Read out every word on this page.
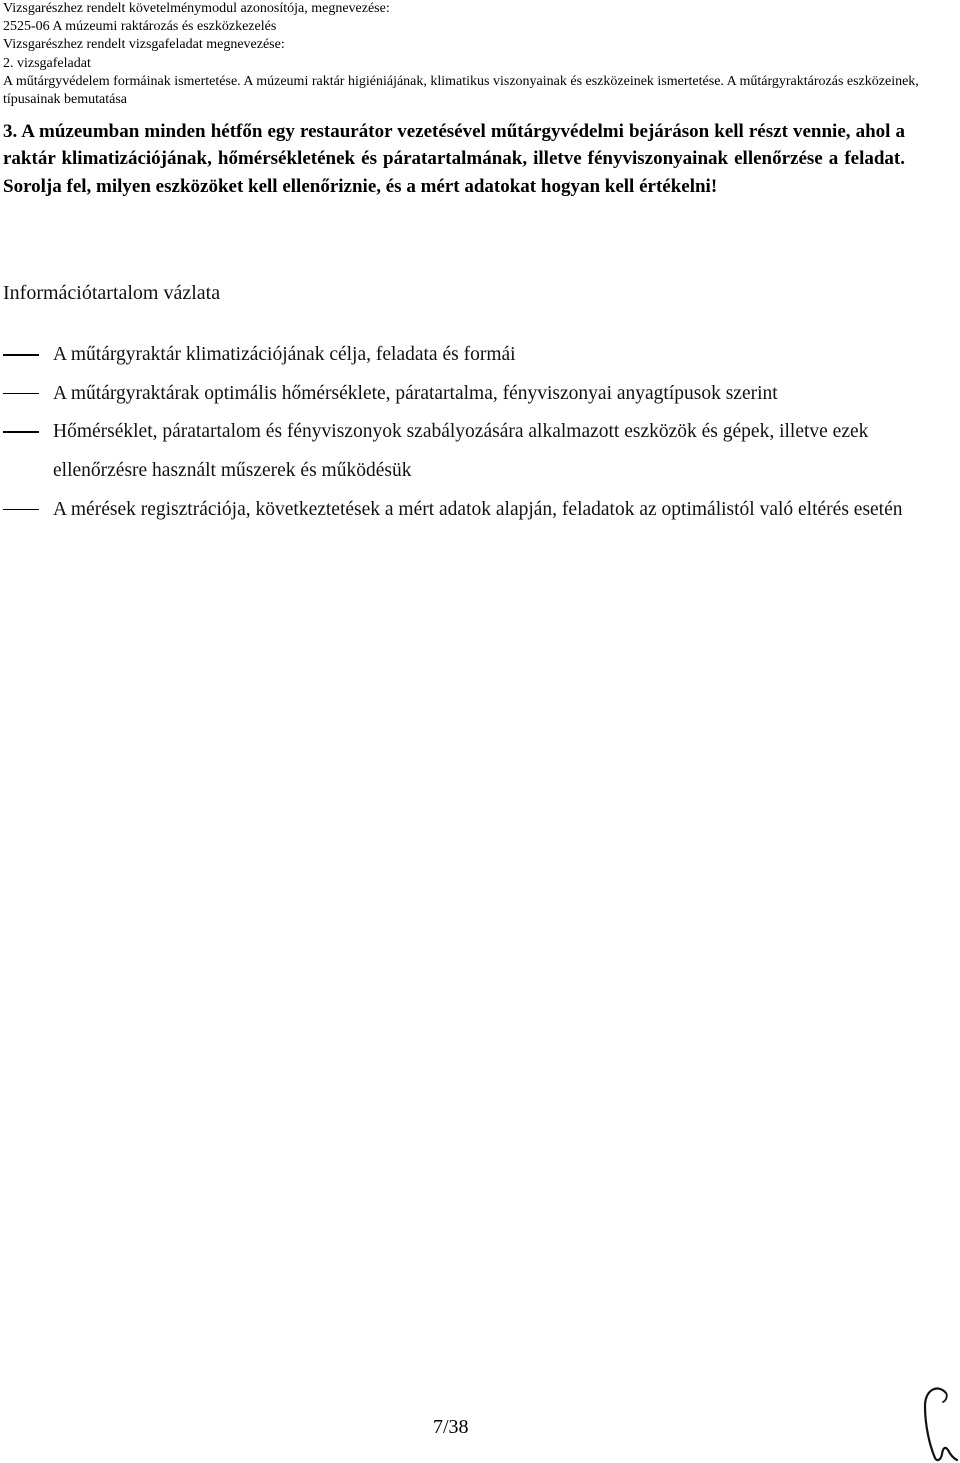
Vizsgarészhez rendelt követelménymodul azonosítója, megnevezése:
2525-06 A múzeumi raktározás és eszközkezelés
Vizsgarészhez rendelt vizsgafeladat megnevezése:
2. vizsgafeladat
A műtárgyvédelem formáinak ismertetése. A múzeumi raktár higiéniájának, klimatikus viszonyainak és eszközeinek ismertetése. A műtárgyraktározás eszközeinek, típusainak bemutatása
3. A múzeumban minden hétfőn egy restaurátor vezetésével műtárgyvédelmi bejáráson kell részt vennie, ahol a raktár klimatizációjának, hőmérsékletének és páratartalmának, illetve fényviszonyainak ellenőrzése a feladat. Sorolja fel, milyen eszközöket kell ellenőriznie, és a mért adatokat hogyan kell értékelni!
Információtartalom vázlata
A műtárgyraktár klimatizációjának célja, feladata és formái
A műtárgyraktárak optimális hőmérséklete, páratartalma, fényviszonyai anyagtípusok szerint
Hőmérséklet, páratartalom és fényviszonyok szabályozására alkalmazott eszközök és gépek, illetve ezek ellenőrzésre használt műszerek és működésük
A mérések regisztrációja, következtetések a mért adatok alapján, feladatok az optimálistól való eltérés esetén
7/38
